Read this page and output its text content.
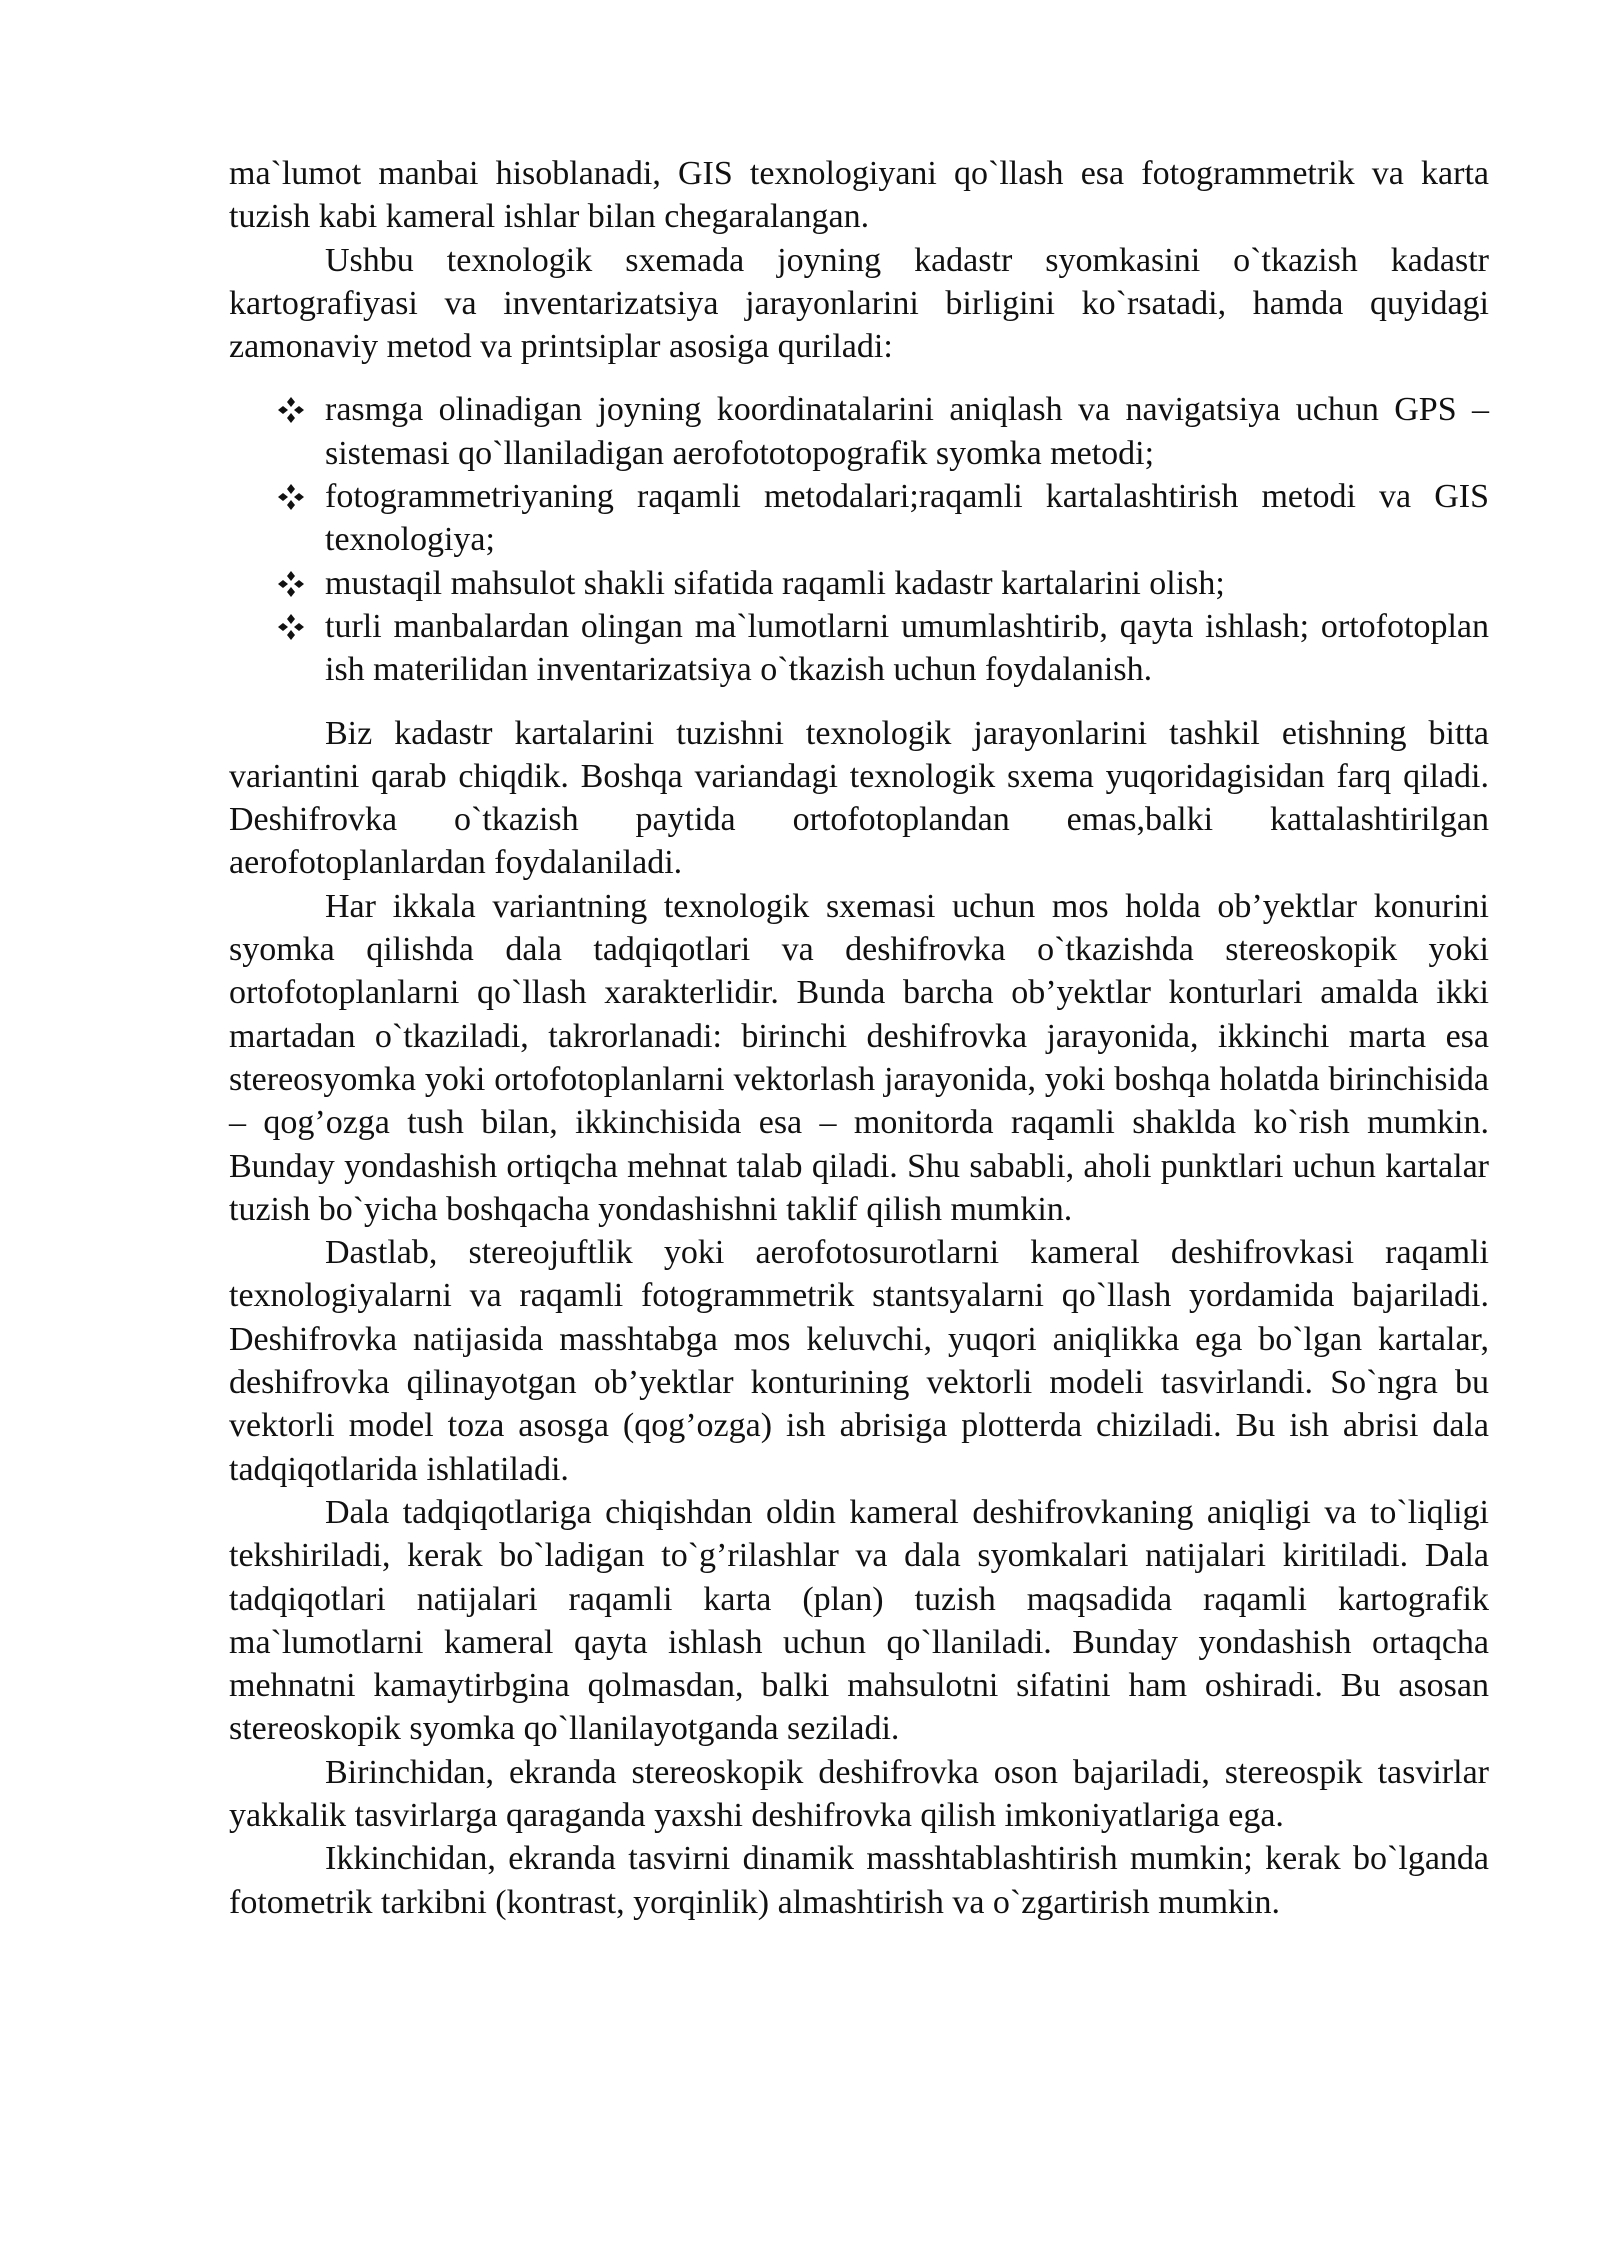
ma`lumot manbai hisoblanadi, GIS texnologiyani qo`llash esa fotogrammetrik va karta tuzish kabi kameral ishlar bilan chegaralangan.

Ushbu texnologik sxemada joyning kadastr syomkasini o`tkazish kadastr kartografiyasi va inventarizatsiya jarayonlarini birligini ko`rsatadi, hamda quyidagi zamonaviy metod va printsiplar asosiga quriladi:

rasmga olinadigan joyning koordinatalarini aniqlash va navigatsiya uchun GPS – sistemasi qo`llaniladigan aerofototopografik syomka metodi;
fotogrammetriyaning raqamli metodalari;raqamli kartalashtirish metodi va GIS texnologiya;
mustaqil mahsulot shakli sifatida raqamli kadastr kartalarini olish;
turli manbalardan olingan ma`lumotlarni umumlashtirib, qayta ishlash; ortofotoplan ish materilidan inventarizatsiya o`tkazish uchun foydalanish.

Biz kadastr kartalarini tuzishni texnologik jarayonlarini tashkil etishning bitta variantini qarab chiqdik. Boshqa variandagi texnologik sxema yuqoridagisidan farq qiladi. Deshifrovka o`tkazish paytida ortofotoplandan emas,balki kattalashtirilgan aerofotoplanlardan foydalaniladi.

Har ikkala variantning texnologik sxemasi uchun mos holda ob’yektlar konurini syomka qilishda dala tadqiqotlari va deshifrovka o`tkazishda stereoskopik yoki ortofotoplanlarni qo`llash xarakterlidir. Bunda barcha ob’yektlar konturlari amalda ikki martadan o`tkaziladi, takrorlanadi: birinchi deshifrovka jarayonida, ikkinchi marta esa stereosyomka yoki ortofotoplanlarni vektorlash jarayonida, yoki boshqa holatda birinchisida – qog’ozga tush bilan, ikkinchisida esa – monitorda raqamli shaklda ko`rish mumkin. Bunday yondashish ortiqcha mehnat talab qiladi. Shu sababli, aholi punktlari uchun kartalar tuzish bo`yicha boshqacha yondashishni taklif qilish mumkin.

Dastlab, stereojuftlik yoki aerofotosurotlarni kameral deshifrovkasi raqamli texnologiyalarni va raqamli fotogrammetrik stantsyalarni qo`llash yordamida bajariladi. Deshifrovka natijasida masshtabga mos keluvchi, yuqori aniqlikka ega bo`lgan kartalar, deshifrovka qilinayotgan ob’yektlar konturining vektorli modeli tasvirlandi. So`ngra bu vektorli model toza asosga (qog’ozga) ish abrisiga plotterda chiziladi. Bu ish abrisi dala tadqiqotlarida ishlatiladi.

Dala tadqiqotlariga chiqishdan oldin kameral deshifrovkaning aniqligi va to`liqligi tekshiriladi, kerak bo`ladigan to`g’rilashlar va dala syomkalari natijalari kiritiladi. Dala tadqiqotlari natijalari raqamli karta (plan) tuzish maqsadida raqamli kartografik ma`lumotlarni kameral qayta ishlash uchun qo`llaniladi. Bunday yondashish ortaqcha mehnatni kamaytirbgina qolmasdan, balki mahsulotni sifatini ham oshiradi. Bu asosan stereoskopik syomka qo`llanilayotganda seziladi.

Birinchidan, ekranda stereoskopik deshifrovka oson bajariladi, stereospik tasvirlar yakkalik tasvirlarga qaraganda yaxshi deshifrovka qilish imkoniyatlariga ega.

Ikkinchidan, ekranda tasvirni dinamik masshtablashtirish mumkin; kerak bo`lganda fotometrik tarkibni (kontrast, yorqinlik) almashtirish va o`zgartirish mumkin.
